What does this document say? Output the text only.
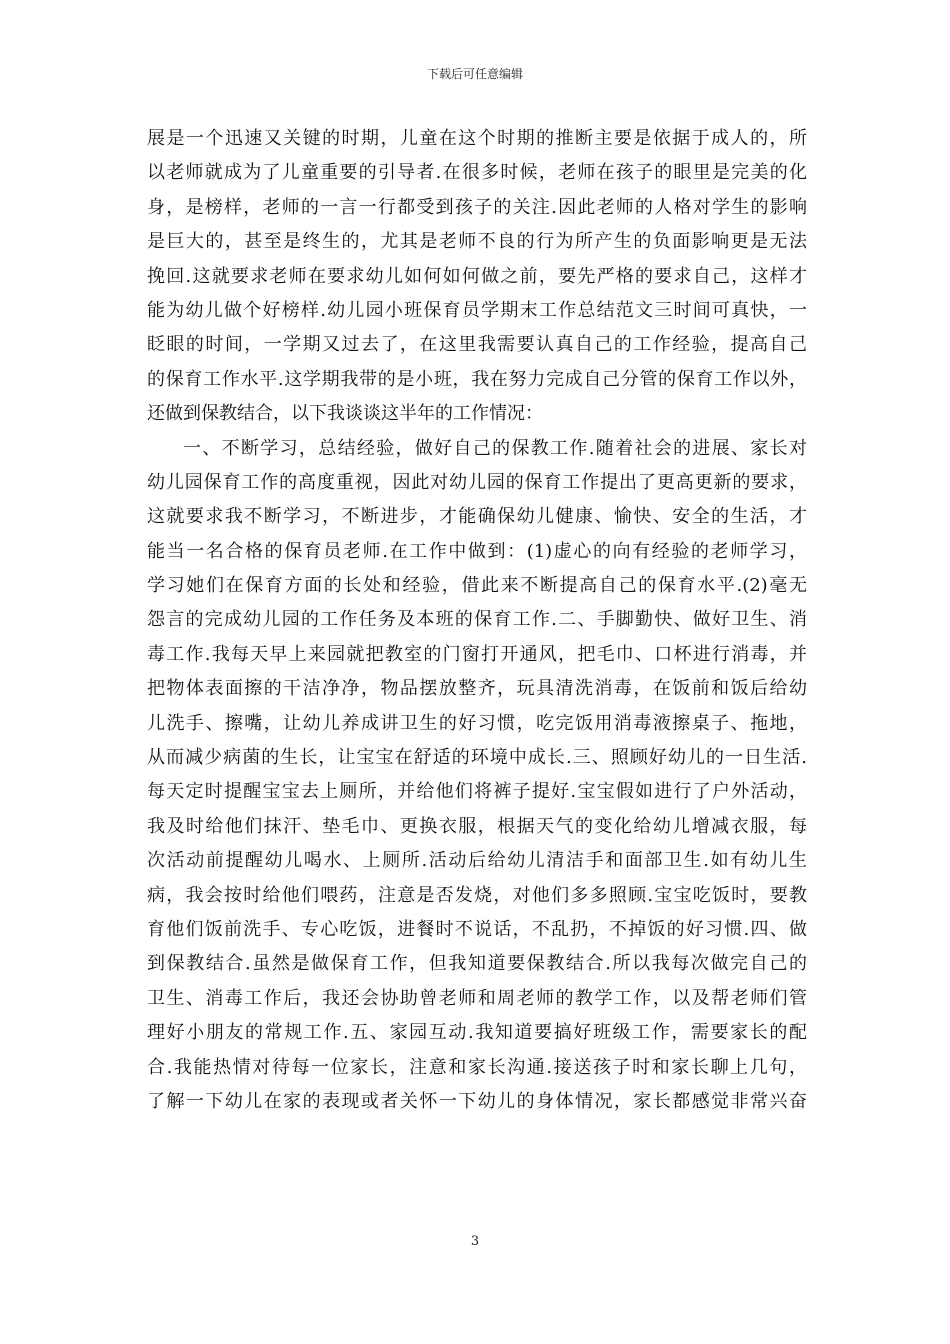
下载后可任意编辑
展是一个迅速又关键的时期，儿童在这个时期的推断主要是依据于成人的，所
以老师就成为了儿童重要的引导者.在很多时候，老师在孩子的眼里是完美的化
身，是榜样，老师的一言一行都受到孩子的关注.因此老师的人格对学生的影响
是巨大的，甚至是终生的，尤其是老师不良的行为所产生的负面影响更是无法
挽回.这就要求老师在要求幼儿如何如何做之前，要先严格的要求自己，这样才
能为幼儿做个好榜样.幼儿园小班保育员学期末工作总结范文三时间可真快，一
眨眼的时间，一学期又过去了，在这里我需要认真自己的工作经验，提高自己
的保育工作水平.这学期我带的是小班，我在努力完成自己分管的保育工作以外，
还做到保教结合，以下我谈谈这半年的工作情况：
一、不断学习，总结经验，做好自己的保教工作.随着社会的进展、家长对
幼儿园保育工作的高度重视，因此对幼儿园的保育工作提出了更高更新的要求，
这就要求我不断学习，不断进步，才能确保幼儿健康、愉快、安全的生活，才
能当一名合格的保育员老师.在工作中做到：(1)虚心的向有经验的老师学习，
学习她们在保育方面的长处和经验，借此来不断提高自己的保育水平.(2)毫无
怨言的完成幼儿园的工作任务及本班的保育工作.二、手脚勤快、做好卫生、消
毒工作.我每天早上来园就把教室的门窗打开通风，把毛巾、口杯进行消毒，并
把物体表面擦的干洁净净，物品摆放整齐，玩具清洗消毒，在饭前和饭后给幼
儿洗手、擦嘴，让幼儿养成讲卫生的好习惯，吃完饭用消毒液擦桌子、拖地，
从而减少病菌的生长，让宝宝在舒适的环境中成长.三、照顾好幼儿的一日生活.
每天定时提醒宝宝去上厕所，并给他们将裤子提好.宝宝假如进行了户外活动，
我及时给他们抹汗、垫毛巾、更换衣服，根据天气的变化给幼儿增减衣服，每
次活动前提醒幼儿喝水、上厕所.活动后给幼儿清洁手和面部卫生.如有幼儿生
病，我会按时给他们喂药，注意是否发烧，对他们多多照顾.宝宝吃饭时，要教
育他们饭前洗手、专心吃饭，进餐时不说话，不乱扔，不掉饭的好习惯.四、做
到保教结合.虽然是做保育工作，但我知道要保教结合.所以我每次做完自己的
卫生、消毒工作后，我还会协助曾老师和周老师的教学工作，以及帮老师们管
理好小朋友的常规工作.五、家园互动.我知道要搞好班级工作，需要家长的配
合.我能热情对待每一位家长，注意和家长沟通.接送孩子时和家长聊上几句，
了解一下幼儿在家的表现或者关怀一下幼儿的身体情况，家长都感觉非常兴奋
3
